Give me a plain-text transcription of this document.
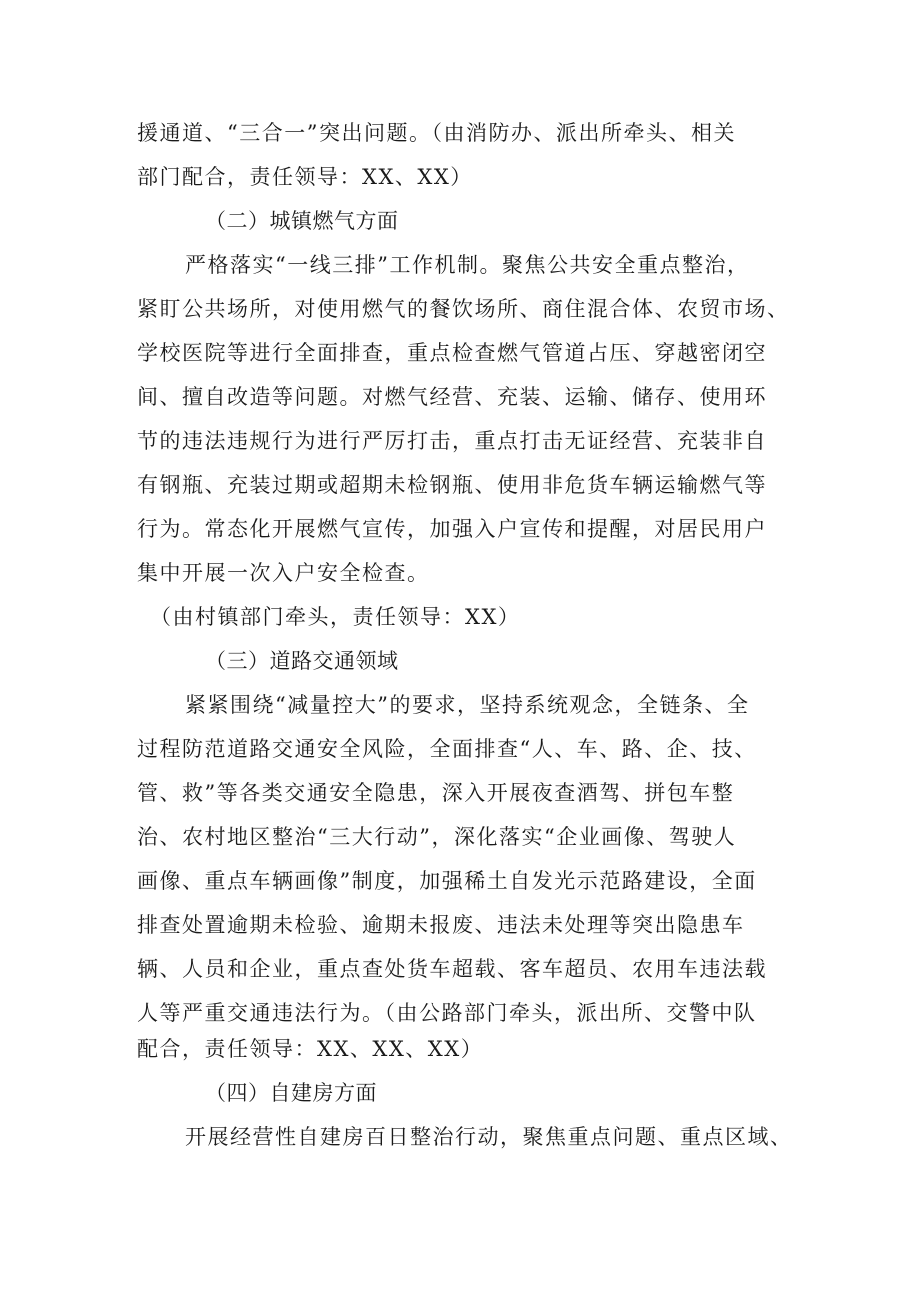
援通道、“三合一”突出问题。（由消防办、派出所牵头、相关

部门配合，责任领导：XX、XX）

（二）城镇燃气方面

严格落实“一线三排”工作机制。聚焦公共安全重点整治，

紧盯公共场所，对使用燃气的餐饮场所、商住混合体、农贸市场、

学校医院等进行全面排查，重点检查燃气管道占压、穿越密闭空

间、擅自改造等问题。对燃气经营、充装、运输、储存、使用环

节的违法违规行为进行严厉打击，重点打击无证经营、充装非自

有钢瓶、充装过期或超期未检钢瓶、使用非危货车辆运输燃气等

行为。常态化开展燃气宣传，加强入户宣传和提醒，对居民用户

集中开展一次入户安全检查。

（由村镇部门牵头，责任领导：XX）

（三）道路交通领域

紧紧围绕“减量控大”的要求，坚持系统观念，全链条、全

过程防范道路交通安全风险，全面排查“人、车、路、企、技、

管、救”等各类交通安全隐患，深入开展夜查酒驾、拼包车整

治、农村地区整治“三大行动”，深化落实“企业画像、驾驶人

画像、重点车辆画像”制度，加强稀土自发光示范路建设，全面

排查处置逾期未检验、逾期未报废、违法未处理等突出隐患车

辆、人员和企业，重点查处货车超载、客车超员、农用车违法载

人等严重交通违法行为。（由公路部门牵头，派出所、交警中队

配合，责任领导：XX、XX、XX）

（四）自建房方面

开展经营性自建房百日整治行动，聚焦重点问题、重点区域、
